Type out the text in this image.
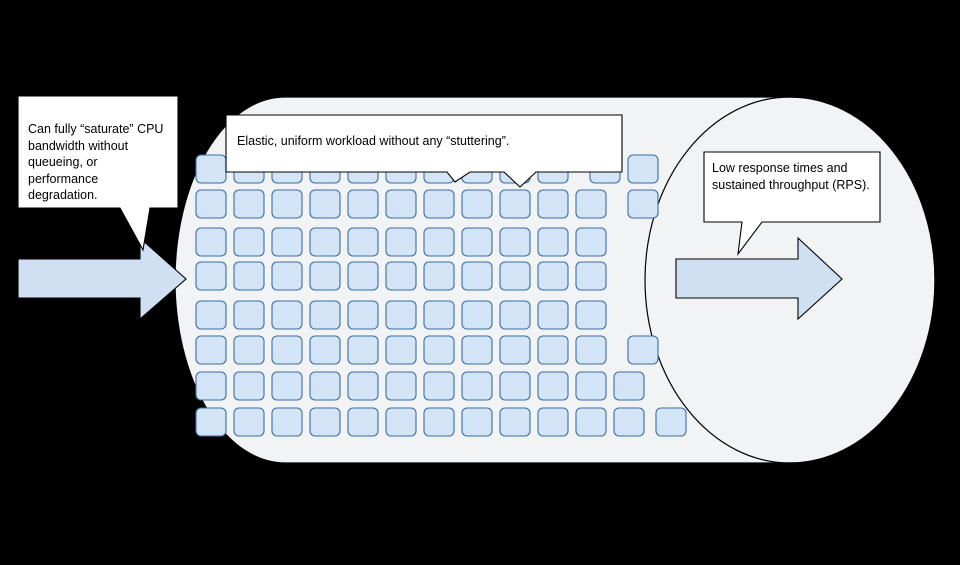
Can fully “saturate” CPU bandwidth without queueing, or performance degradation.
Elastic, uniform workload without any “stuttering”.
Low response times and sustained throughput (RPS).
